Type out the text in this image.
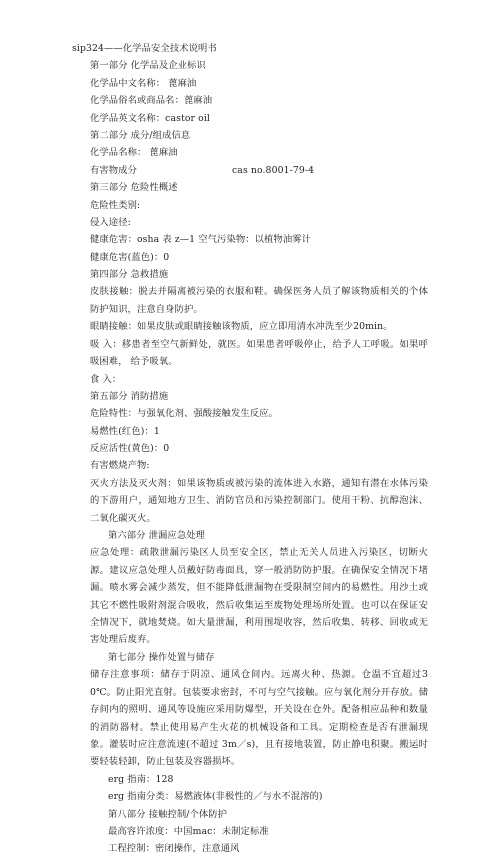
sip324——化学品安全技术说明书
第一部分 化学品及企业标识
化学品中文名称： 蓖麻油
化学品俗名或商品名：蓖麻油
化学品英文名称：castor oil
第二部分 成分/组成信息
化学品名称： 蓖麻油
有害物成分	cas no.8001-79-4
第三部分 危险性概述
危险性类别:
侵入途径:
健康危害：osha 表 z—1 空气污染物：以植物油雾计
健康危害(蓝色)：0
第四部分 急救措施
皮肤接触：脱去并隔离被污染的衣服和鞋。确保医务人员了解该物质相关的个体防护知识，注意自身防护。
眼睛接触：如果皮肤或眼睛接触该物质，应立即用清水冲洗至少20min。
吸 入：移患者至空气新鲜处，就医。如果患者呼吸停止，给予人工呼吸。如果呼吸困难， 给予吸氧。
食 入：
第五部分 消防措施
危险特性：与强氧化剂、强酸接触发生反应。
易燃性(红色)：1
反应活性(黄色)：0
有害燃烧产物:
灭火方法及灭火剂：如果该物质或被污染的流体进入水路，通知有潜在水体污染的下游用户，通知地方卫生、消防官员和污染控制部门。使用干粉、抗醇泡沫、二氧化碳灭火。
第六部分 泄漏应急处理
应急处理：疏散泄漏污染区人员至安全区，禁止无关人员进入污染区，切断火源。建议应急处理人员戴好防毒面具，穿一般消防防护服。在确保安全情况下堵漏。喷水雾会减少蒸发，但不能降低泄漏物在受限制空间内的易燃性。用沙土或其它不燃性吸附剂混合吸收，然后收集运至废物处理场所处置。也可以在保证安全情况下，就地焚烧。如大量泄漏，利用围堤收容，然后收集、转移、回收或无害处理后废弃。
第七部分 操作处置与储存
储存注意事项：储存于阴凉、通风仓间内。远离火种、热源。仓温不宜超过30℃。防止阳光直射。包装要求密封，不可与空气接触。应与氧化剂分开存放。储存间内的照明、通风等设施应采用防爆型，开关设在仓外。配备相应品种和数量的消防器材。禁止使用易产生火花的机械设备和工具。定期检查是否有泄漏现象。灌装时应注意流速(不超过 3m／s)，且有接地装置，防止静电积聚。搬运时要轻装轻卸，防止包装及容器损坏。
erg 指南：128
erg 指南分类：易燃液体(非极性的／与水不混溶的)
第八部分 接触控制/个体防护
最高容许浓度：中国mac：未制定标准
工程控制：密闭操作，注意通风
